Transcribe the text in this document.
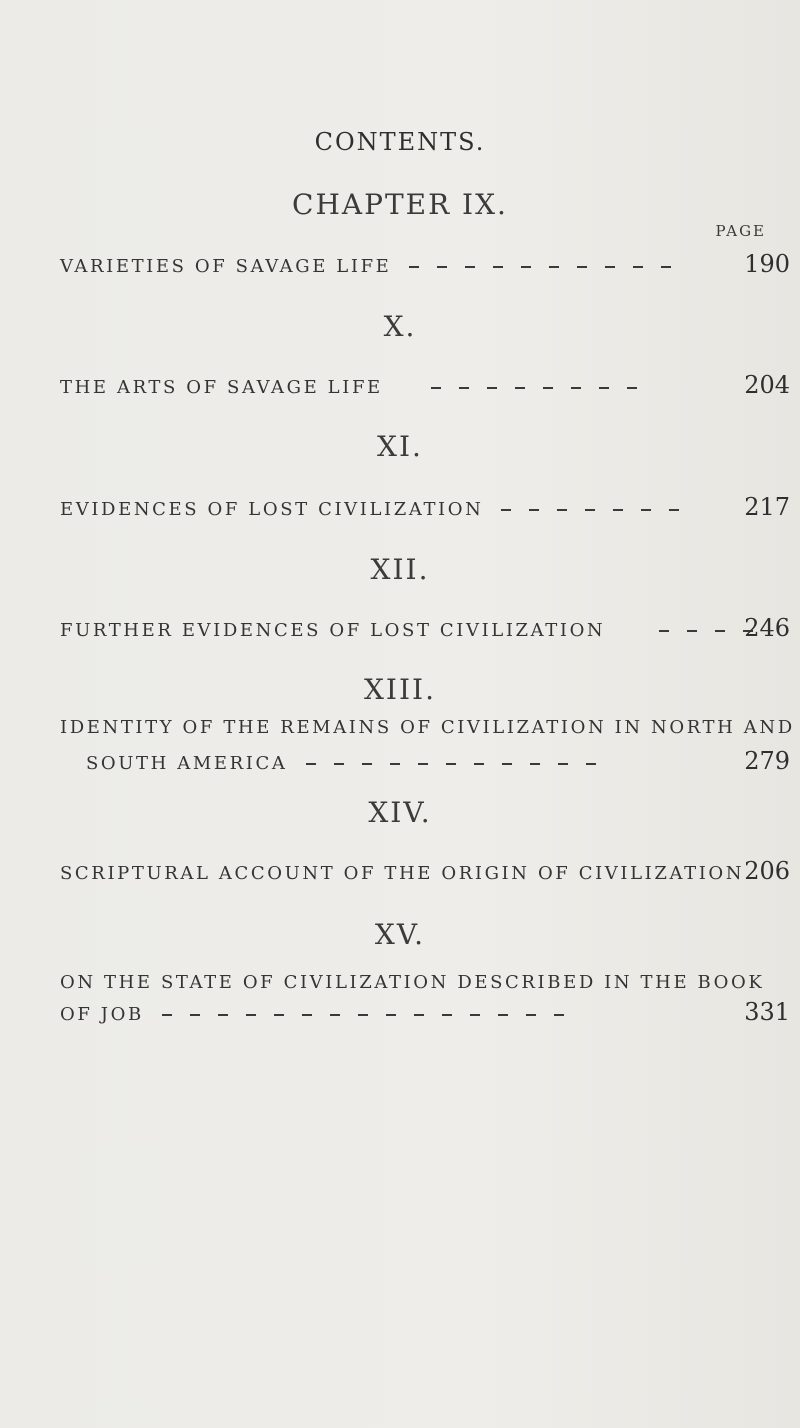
CONTENTS.
PAGE
CHAPTER IX.
VARIETIES OF SAVAGE LIFE	190
X.
THE ARTS OF SAVAGE LIFE	204
XI.
EVIDENCES OF LOST CIVILIZATION	217
XII.
FURTHER EVIDENCES OF LOST CIVILIZATION	246
XIII.
IDENTITY OF THE REMAINS OF CIVILIZATION IN NORTH AND
SOUTH AMERICA	279
XIV.
SCRIPTURAL ACCOUNT OF THE ORIGIN OF CIVILIZATION 206
XV.
ON THE STATE OF CIVILIZATION DESCRIBED IN THE BOOK
OF JOB	331
